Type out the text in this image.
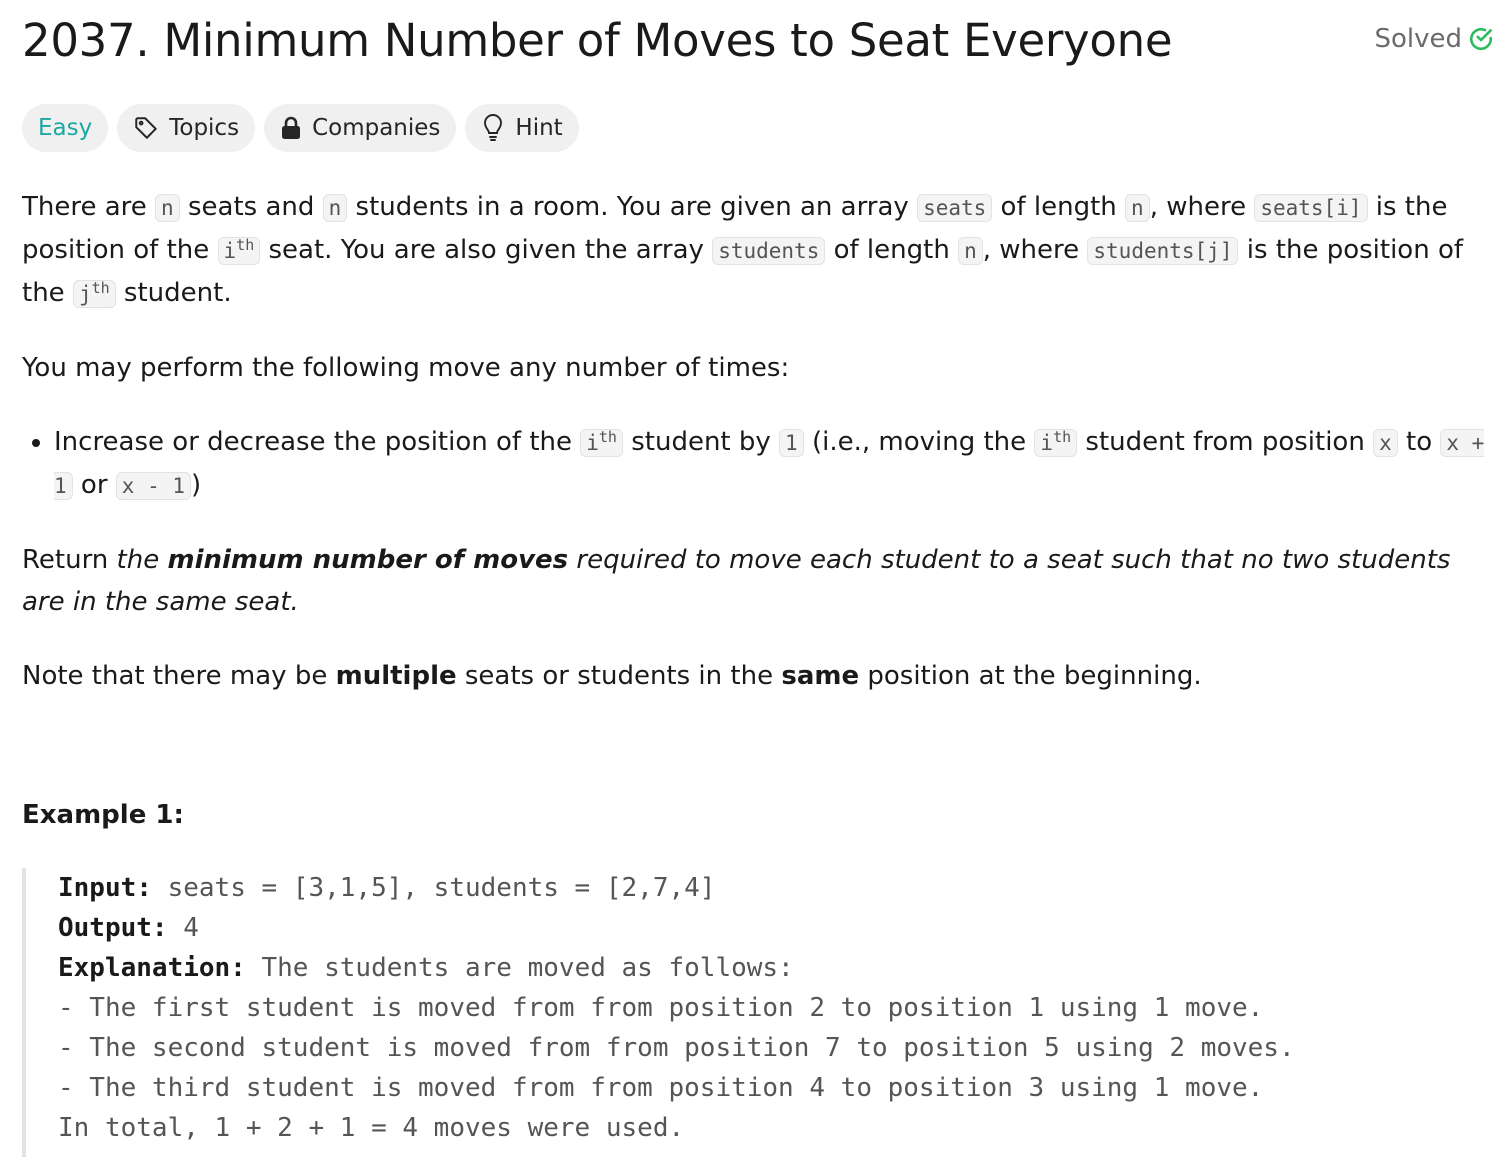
2037. Minimum Number of Moves to Seat Everyone	Solved
Easy	Topics	Companies	Hint

There are n seats and n students in a room. You are given an array seats of length n , where seats[i] is the position of the $i^{th}$ seat. You are also given the array students of length n , where students[j] is the position of the $j^{th}$ student.

You may perform the following move any number of times:

• Increase or decrease the position of the $i^{th}$ student by 1 (i.e., moving the $i^{th}$ student from position x to x + 1 or x - 1 )

Return the minimum number of moves required to move each student to a seat such that no two students are in the same seat.

Note that there may be multiple seats or students in the same position at the beginning.

Example 1:
Input: seats = [3,1,5], students = [2,7,4]
Output: 4
Explanation: The students are moved as follows:
- The first student is moved from from position 2 to position 1 using 1 move.
- The second student is moved from from position 7 to position 5 using 2 moves.
- The third student is moved from from position 4 to position 3 using 1 move.
In total, 1 + 2 + 1 = 4 moves were used.
